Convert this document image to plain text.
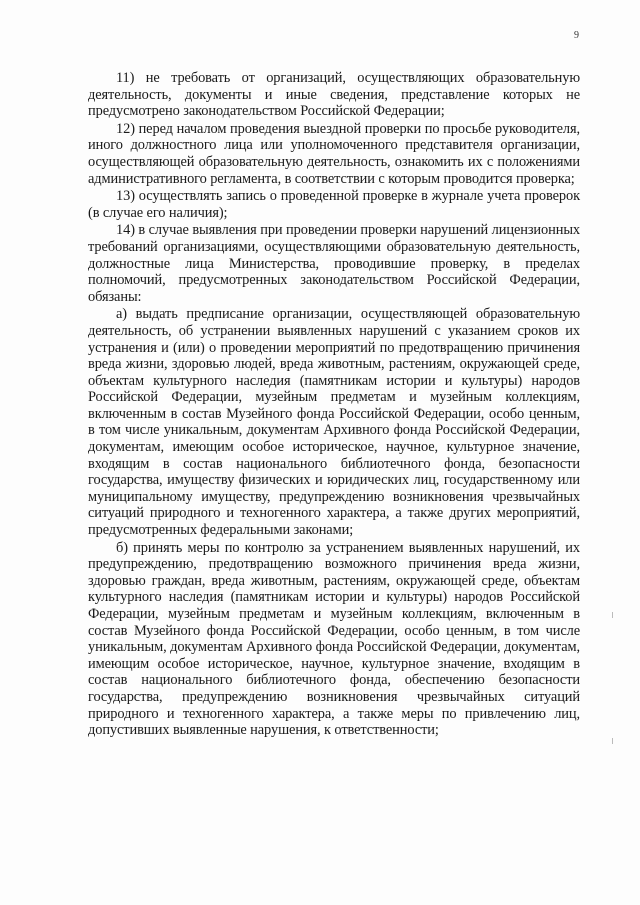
9

11) не требовать от организаций, осуществляющих образовательную деятельность, документы и иные сведения, представление которых не предусмотрено законодательством Российской Федерации;

12) перед началом проведения выездной проверки по просьбе руководителя, иного должностного лица или уполномоченного представителя организации, осуществляющей образовательную деятельность, ознакомить их с положениями административного регламента, в соответствии с которым проводится проверка;

13) осуществлять запись о проведенной проверке в журнале учета проверок (в случае его наличия);

14) в случае выявления при проведении проверки нарушений лицензионных требований организациями, осуществляющими образовательную деятельность, должностные лица Министерства, проводившие проверку, в пределах полномочий, предусмотренных законодательством Российской Федерации, обязаны:

а) выдать предписание организации, осуществляющей образовательную деятельность, об устранении выявленных нарушений с указанием сроков их устранения и (или) о проведении мероприятий по предотвращению причинения вреда жизни, здоровью людей, вреда животным, растениям, окружающей среде, объектам культурного наследия (памятникам истории и культуры) народов Российской Федерации, музейным предметам и музейным коллекциям, включенным в состав Музейного фонда Российской Федерации, особо ценным, в том числе уникальным, документам Архивного фонда Российской Федерации, документам, имеющим особое историческое, научное, культурное значение, входящим в состав национального библиотечного фонда, безопасности государства, имуществу физических и юридических лиц, государственному или муниципальному имуществу, предупреждению возникновения чрезвычайных ситуаций природного и техногенного характера, а также других мероприятий, предусмотренных федеральными законами;

б) принять меры по контролю за устранением выявленных нарушений, их предупреждению, предотвращению возможного причинения вреда жизни, здоровью граждан, вреда животным, растениям, окружающей среде, объектам культурного наследия (памятникам истории и культуры) народов Российской Федерации, музейным предметам и музейным коллекциям, включенным в состав Музейного фонда Российской Федерации, особо ценным, в том числе уникальным, документам Архивного фонда Российской Федерации, документам, имеющим особое историческое, научное, культурное значение, входящим в состав национального библиотечного фонда, обеспечению безопасности государства, предупреждению возникновения чрезвычайных ситуаций природного и техногенного характера, а также меры по привлечению лиц, допустивших выявленные нарушения, к ответственности;
